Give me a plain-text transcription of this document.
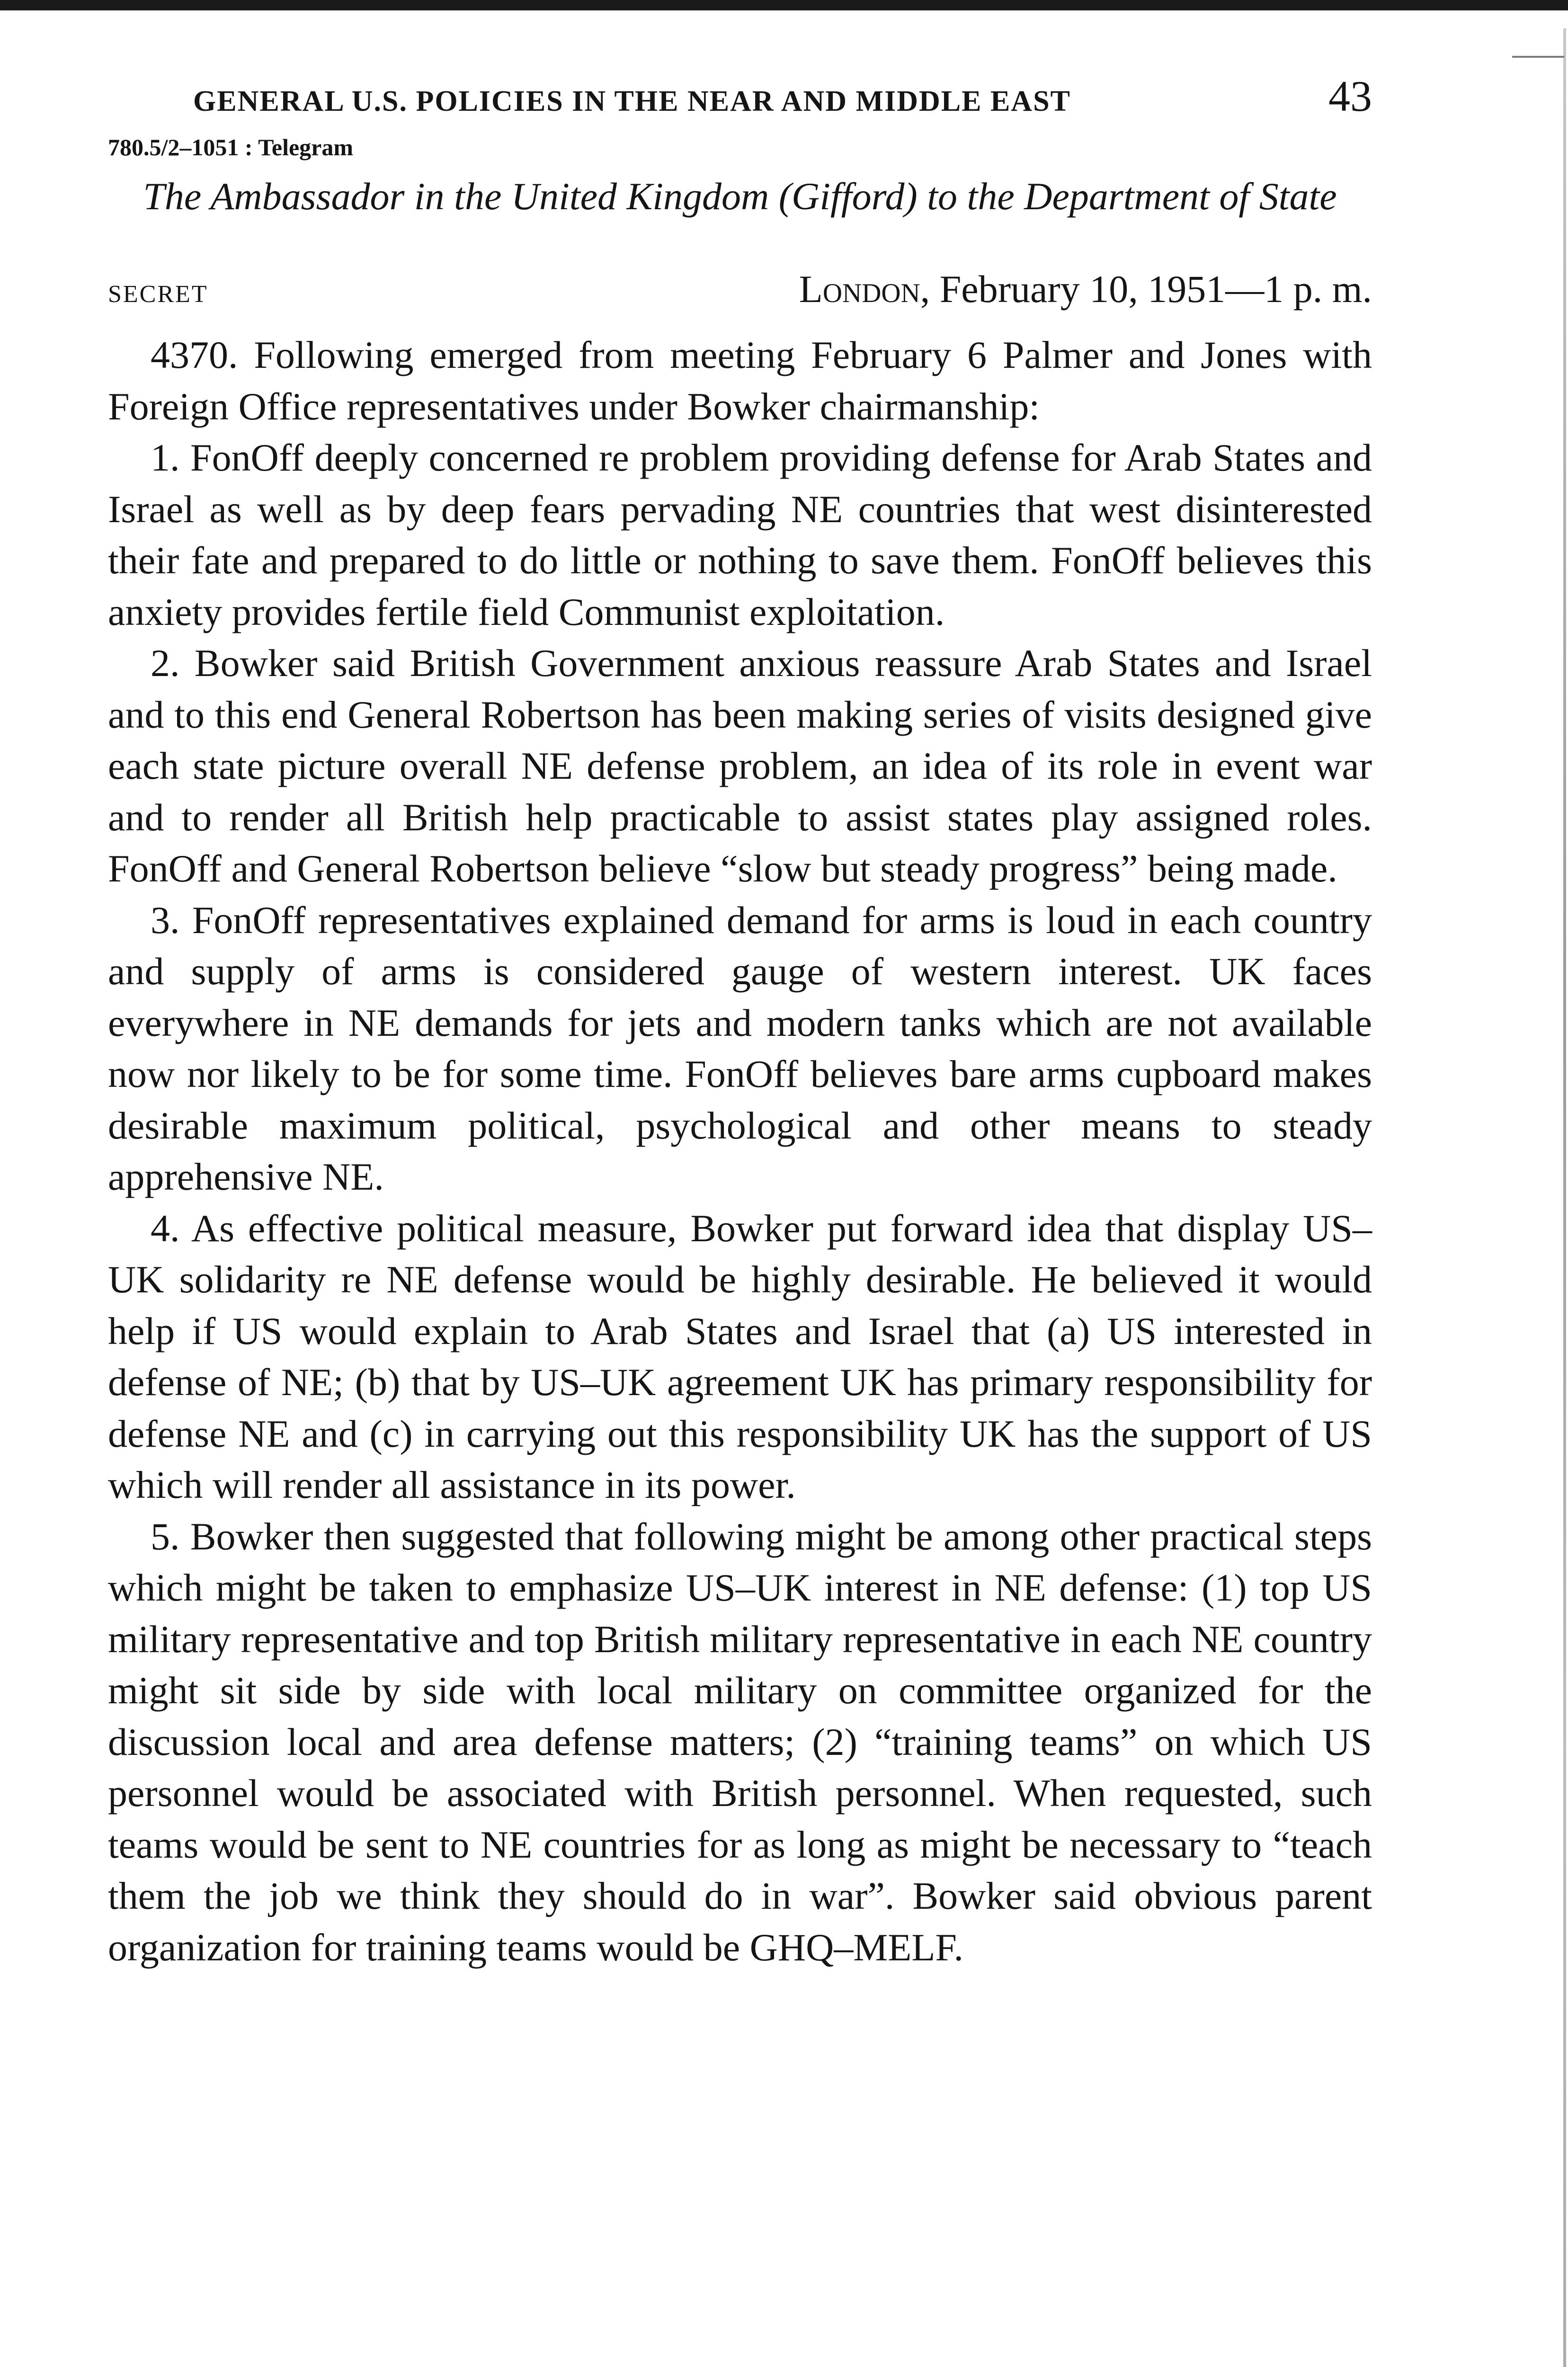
GENERAL U.S. POLICIES IN THE NEAR AND MIDDLE EAST	43
780.5/2–1051 : Telegram

The Ambassador in the United Kingdom (Gifford) to the Department of State

SECRET	London, February 10, 1951—1 p. m.

4370. Following emerged from meeting February 6 Palmer and Jones with Foreign Office representatives under Bowker chairmanship:

1. FonOff deeply concerned re problem providing defense for Arab States and Israel as well as by deep fears pervading NE countries that west disinterested their fate and prepared to do little or nothing to save them. FonOff believes this anxiety provides fertile field Communist exploitation.

2. Bowker said British Government anxious reassure Arab States and Israel and to this end General Robertson has been making series of visits designed give each state picture overall NE defense problem, an idea of its role in event war and to render all British help practicable to assist states play assigned roles. FonOff and General Robertson believe “slow but steady progress” being made.

3. FonOff representatives explained demand for arms is loud in each country and supply of arms is considered gauge of western interest. UK faces everywhere in NE demands for jets and modern tanks which are not available now nor likely to be for some time. FonOff believes bare arms cupboard makes desirable maximum political, psychological and other means to steady apprehensive NE.

4. As effective political measure, Bowker put forward idea that display US–UK solidarity re NE defense would be highly desirable. He believed it would help if US would explain to Arab States and Israel that (a) US interested in defense of NE; (b) that by US–UK agreement UK has primary responsibility for defense NE and (c) in carrying out this responsibility UK has the support of US which will render all assistance in its power.

5. Bowker then suggested that following might be among other practical steps which might be taken to emphasize US–UK interest in NE defense: (1) top US military representative and top British military representative in each NE country might sit side by side with local military on committee organized for the discussion local and area defense matters; (2) “training teams” on which US personnel would be associated with British personnel. When requested, such teams would be sent to NE countries for as long as might be necessary to “teach them the job we think they should do in war”. Bowker said obvious parent organization for training teams would be GHQ–MELF.
